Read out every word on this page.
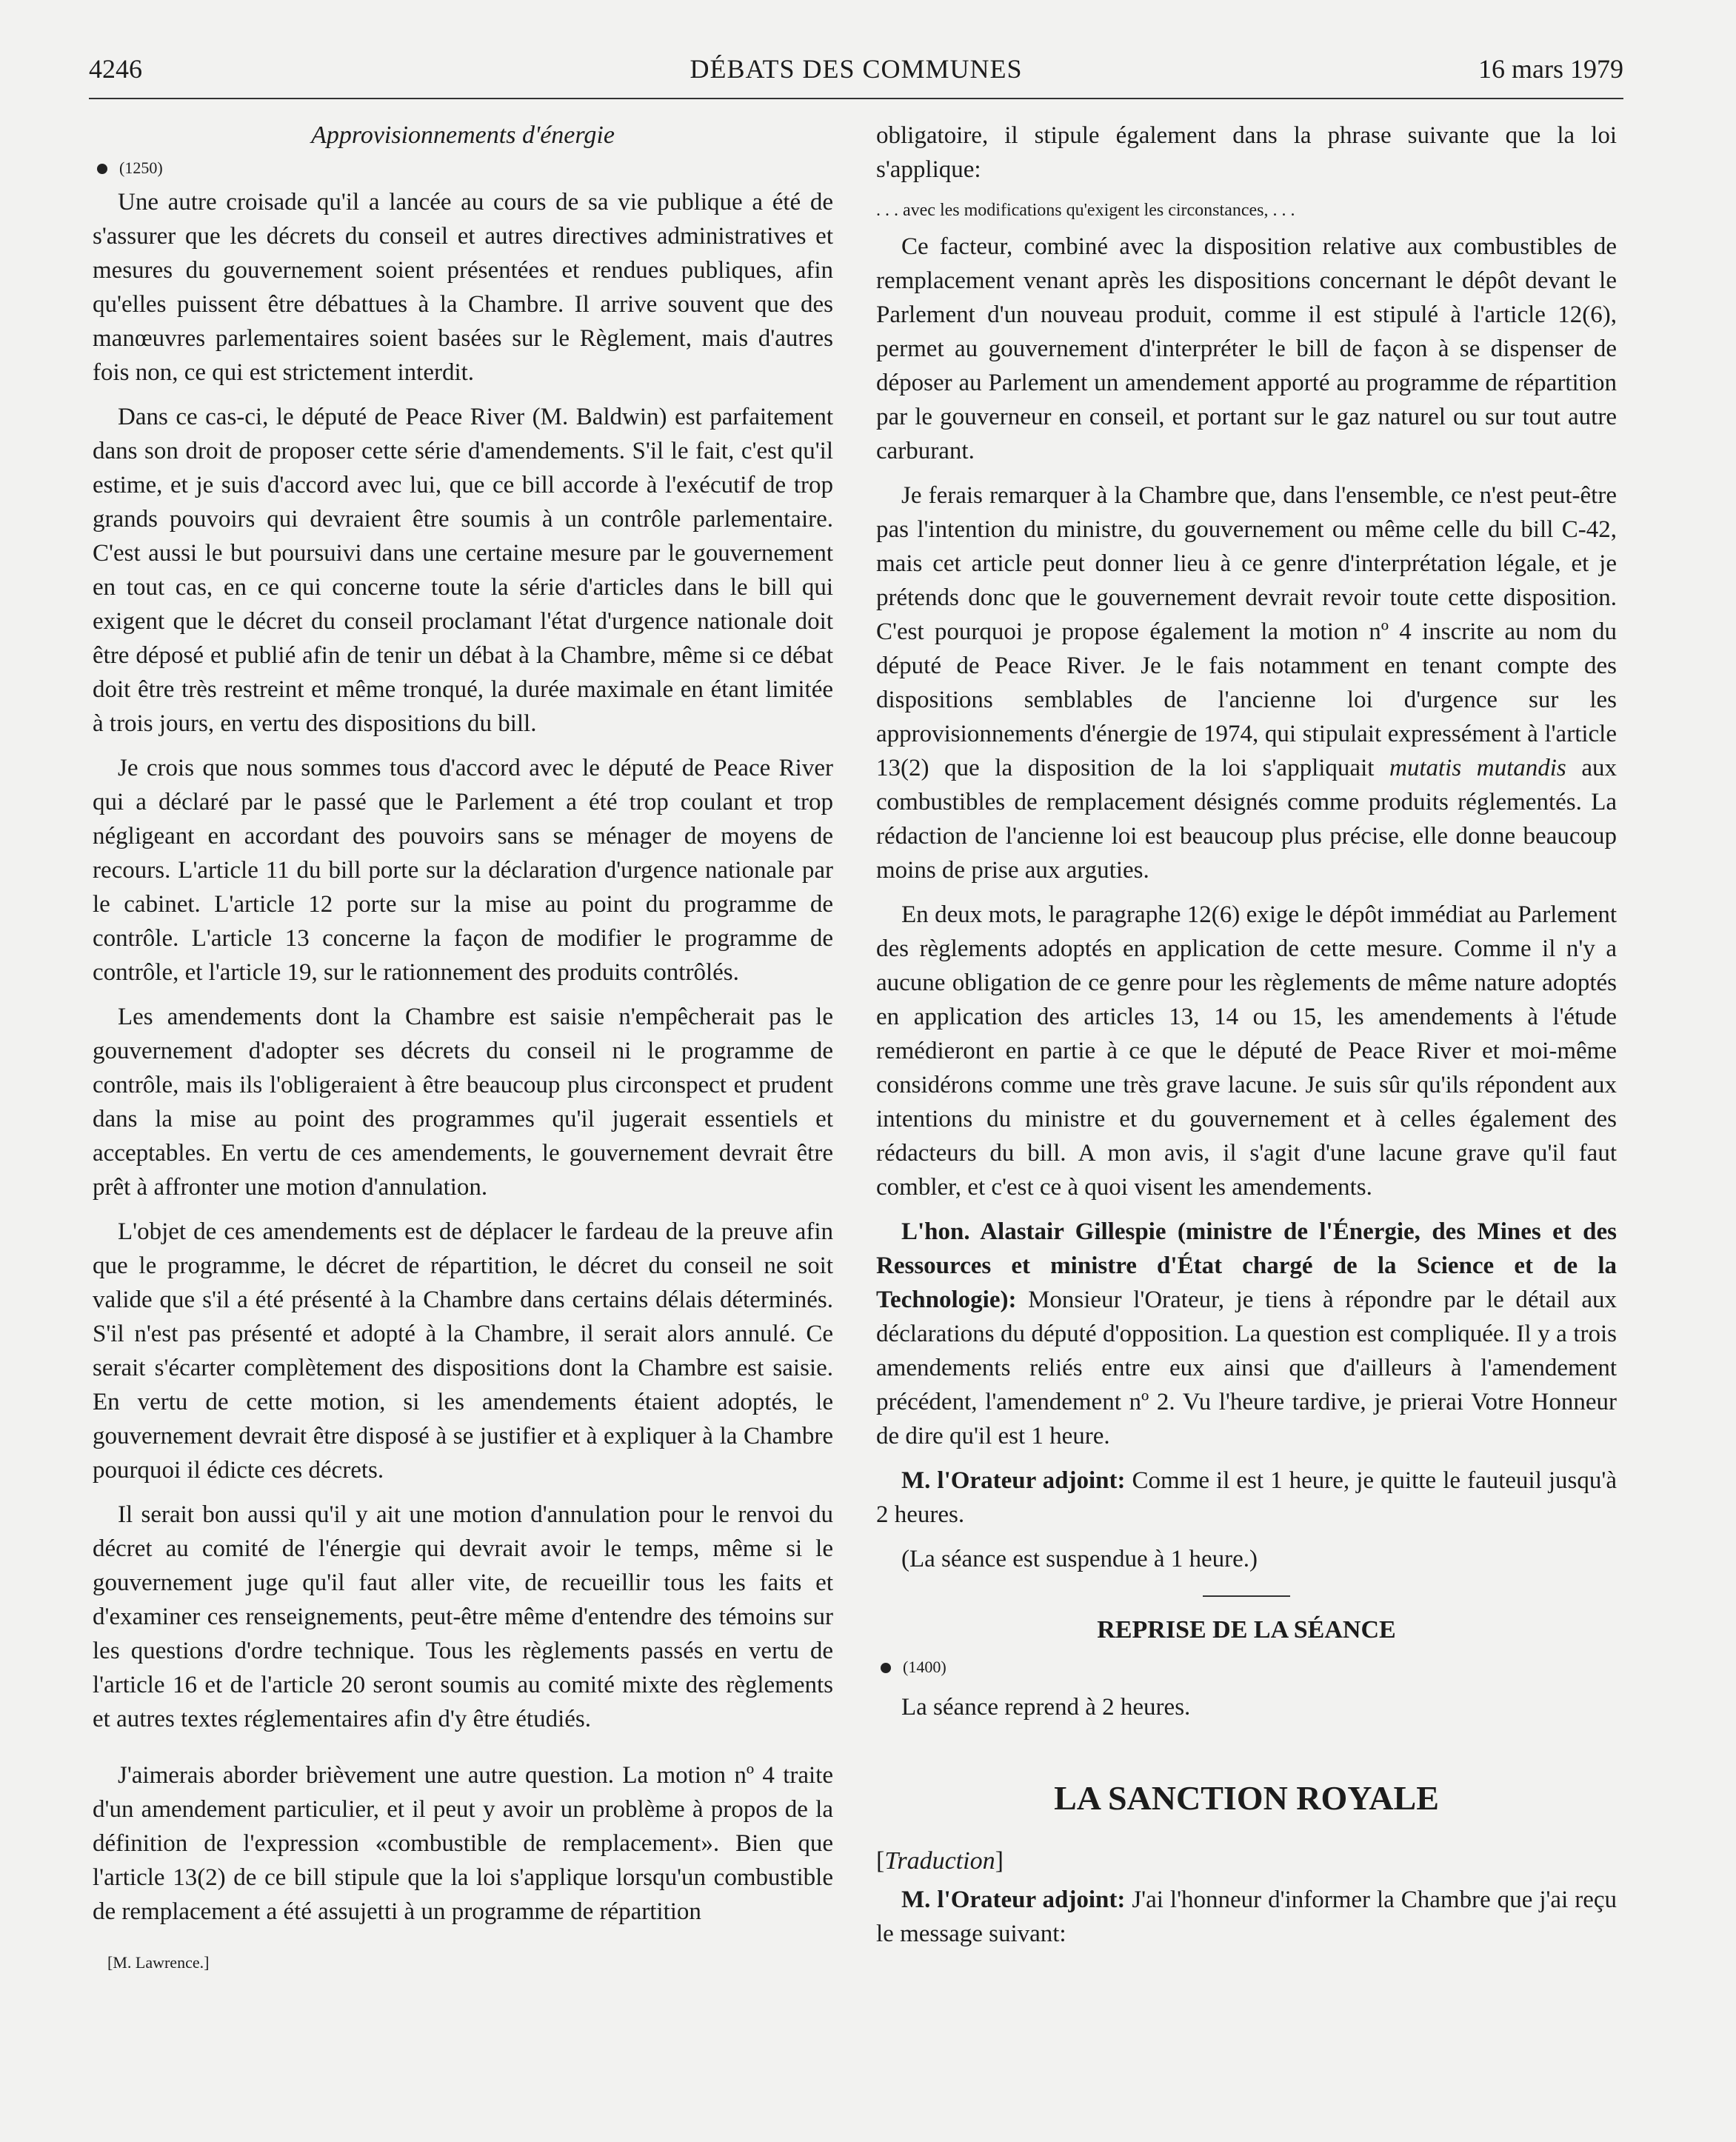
4246	DÉBATS DES COMMUNES	16 mars 1979
Approvisionnements d'énergie
(1250)

Une autre croisade qu'il a lancée au cours de sa vie publique a été de s'assurer que les décrets du conseil et autres directives administratives et mesures du gouvernement soient présentées et rendues publiques, afin qu'elles puissent être débattues à la Chambre. Il arrive souvent que des manœuvres parlementaires soient basées sur le Règlement, mais d'autres fois non, ce qui est strictement interdit.

Dans ce cas-ci, le député de Peace River (M. Baldwin) est parfaitement dans son droit de proposer cette série d'amendements. S'il le fait, c'est qu'il estime, et je suis d'accord avec lui, que ce bill accorde à l'exécutif de trop grands pouvoirs qui devraient être soumis à un contrôle parlementaire. C'est aussi le but poursuivi dans une certaine mesure par le gouvernement en tout cas, en ce qui concerne toute la série d'articles dans le bill qui exigent que le décret du conseil proclamant l'état d'urgence nationale doit être déposé et publié afin de tenir un débat à la Chambre, même si ce débat doit être très restreint et même tronqué, la durée maximale en étant limitée à trois jours, en vertu des dispositions du bill.

Je crois que nous sommes tous d'accord avec le député de Peace River qui a déclaré par le passé que le Parlement a été trop coulant et trop négligeant en accordant des pouvoirs sans se ménager de moyens de recours. L'article 11 du bill porte sur la déclaration d'urgence nationale par le cabinet. L'article 12 porte sur la mise au point du programme de contrôle. L'article 13 concerne la façon de modifier le programme de contrôle, et l'article 19, sur le rationnement des produits contrôlés.

Les amendements dont la Chambre est saisie n'empêcherait pas le gouvernement d'adopter ses décrets du conseil ni le programme de contrôle, mais ils l'obligeraient à être beaucoup plus circonspect et prudent dans la mise au point des programmes qu'il jugerait essentiels et acceptables. En vertu de ces amendements, le gouvernement devrait être prêt à affronter une motion d'annulation.

L'objet de ces amendements est de déplacer le fardeau de la preuve afin que le programme, le décret de répartition, le décret du conseil ne soit valide que s'il a été présenté à la Chambre dans certains délais déterminés. S'il n'est pas présenté et adopté à la Chambre, il serait alors annulé. Ce serait s'écarter complètement des dispositions dont la Chambre est saisie. En vertu de cette motion, si les amendements étaient adoptés, le gouvernement devrait être disposé à se justifier et à expliquer à la Chambre pourquoi il édicte ces décrets.

Il serait bon aussi qu'il y ait une motion d'annulation pour le renvoi du décret au comité de l'énergie qui devrait avoir le temps, même si le gouvernement juge qu'il faut aller vite, de recueillir tous les faits et d'examiner ces renseignements, peut-être même d'entendre des témoins sur les questions d'ordre technique. Tous les règlements passés en vertu de l'article 16 et de l'article 20 seront soumis au comité mixte des règlements et autres textes réglementaires afin d'y être étudiés.

J'aimerais aborder brièvement une autre question. La motion nº 4 traite d'un amendement particulier, et il peut y avoir un problème à propos de la définition de l'expression «combustible de remplacement». Bien que l'article 13(2) de ce bill stipule que la loi s'applique lorsqu'un combustible de remplacement a été assujetti à un programme de répartition

[M. Lawrence.]

obligatoire, il stipule également dans la phrase suivante que la loi s'applique:

. . . avec les modifications qu'exigent les circonstances, . . .

Ce facteur, combiné avec la disposition relative aux combustibles de remplacement venant après les dispositions concernant le dépôt devant le Parlement d'un nouveau produit, comme il est stipulé à l'article 12(6), permet au gouvernement d'interpréter le bill de façon à se dispenser de déposer au Parlement un amendement apporté au programme de répartition par le gouverneur en conseil, et portant sur le gaz naturel ou sur tout autre carburant.

Je ferais remarquer à la Chambre que, dans l'ensemble, ce n'est peut-être pas l'intention du ministre, du gouvernement ou même celle du bill C-42, mais cet article peut donner lieu à ce genre d'interprétation légale, et je prétends donc que le gouvernement devrait revoir toute cette disposition. C'est pourquoi je propose également la motion nº 4 inscrite au nom du député de Peace River. Je le fais notamment en tenant compte des dispositions semblables de l'ancienne loi d'urgence sur les approvisionnements d'énergie de 1974, qui stipulait expressément à l'article 13(2) que la disposition de la loi s'appliquait mutatis mutandis aux combustibles de remplacement désignés comme produits réglementés. La rédaction de l'ancienne loi est beaucoup plus précise, elle donne beaucoup moins de prise aux arguties.

En deux mots, le paragraphe 12(6) exige le dépôt immédiat au Parlement des règlements adoptés en application de cette mesure. Comme il n'y a aucune obligation de ce genre pour les règlements de même nature adoptés en application des articles 13, 14 ou 15, les amendements à l'étude remédieront en partie à ce que le député de Peace River et moi-même considérons comme une très grave lacune. Je suis sûr qu'ils répondent aux intentions du ministre et du gouvernement et à celles également des rédacteurs du bill. A mon avis, il s'agit d'une lacune grave qu'il faut combler, et c'est ce à quoi visent les amendements.

L'hon. Alastair Gillespie (ministre de l'Énergie, des Mines et des Ressources et ministre d'État chargé de la Science et de la Technologie): Monsieur l'Orateur, je tiens à répondre par le détail aux déclarations du député d'opposition. La question est compliquée. Il y a trois amendements reliés entre eux ainsi que d'ailleurs à l'amendement précédent, l'amendement nº 2. Vu l'heure tardive, je prierai Votre Honneur de dire qu'il est 1 heure.

M. l'Orateur adjoint: Comme il est 1 heure, je quitte le fauteuil jusqu'à 2 heures.

(La séance est suspendue à 1 heure.)

REPRISE DE LA SÉANCE
(1400)

La séance reprend à 2 heures.

LA SANCTION ROYALE
[Traduction]

M. l'Orateur adjoint: J'ai l'honneur d'informer la Chambre que j'ai reçu le message suivant:
